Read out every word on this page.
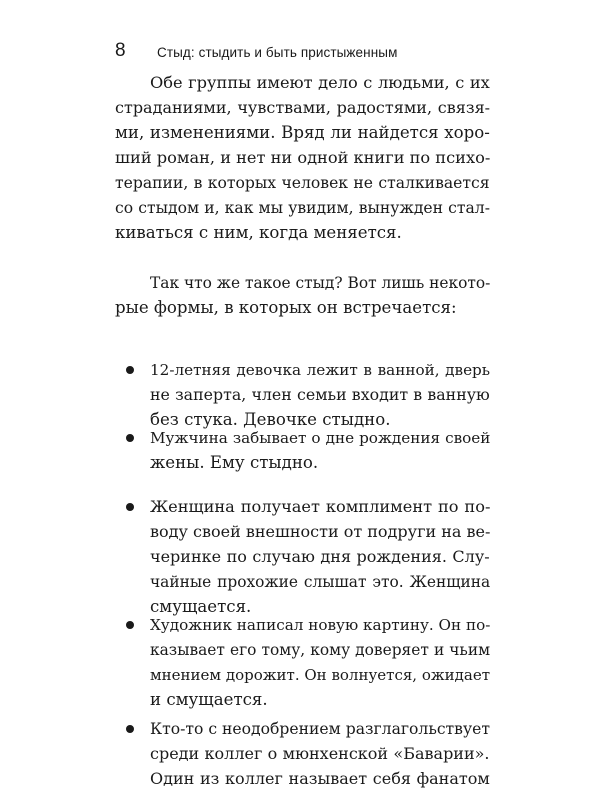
8 Стыд: стыдить и быть пристыженным
Обе группы имеют дело с людьми, с их
страданиями, чувствами, радостями, связя-
ми, изменениями. Вряд ли найдется хоро-
ший роман, и нет ни одной книги по психо-
терапии, в которых человек не сталкивается
со стыдом и, как мы увидим, вынужден стал-
киваться с ним, когда меняется.
Так что же такое стыд? Вот лишь некото-
рые формы, в которых он встречается:
12-летняя девочка лежит в ванной, дверь
не заперта, член семьи входит в ванную
без стука. Девочке стыдно.
Мужчина забывает о дне рождения своей
жены. Ему стыдно.
Женщина получает комплимент по по-
воду своей внешности от подруги на ве-
черинке по случаю дня рождения. Слу-
чайные прохожие слышат это. Женщина
смущается.
Художник написал новую картину. Он по-
казывает его тому, кому доверяет и чьим
мнением дорожит. Он волнуется, ожидает
и смущается.
Кто-то с неодобрением разглагольствует
среди коллег о мюнхенской «Баварии».
Один из коллег называет себя фанатом
